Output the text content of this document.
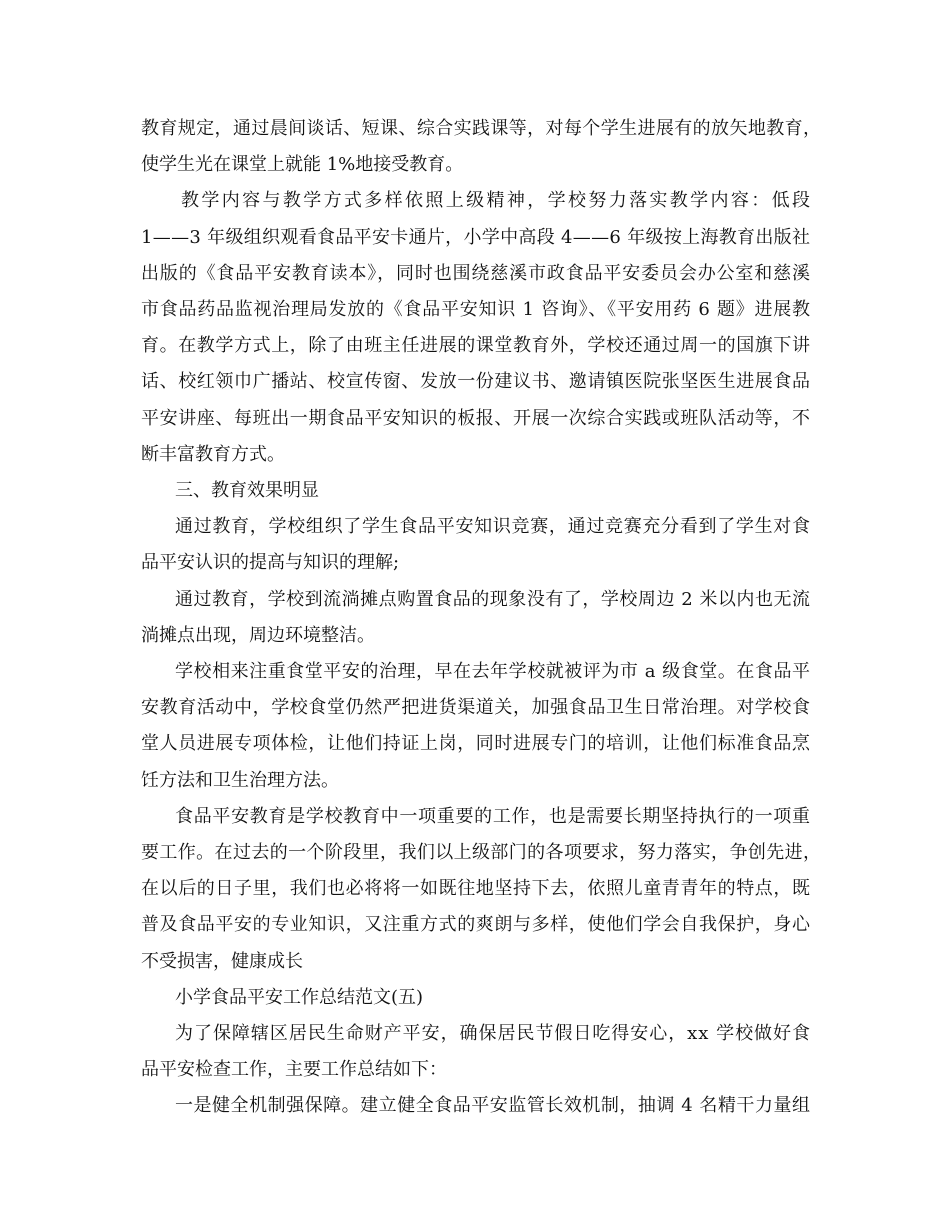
教育规定，通过晨间谈话、短课、综合实践课等，对每个学生进展有的放矢地教育，
使学生光在课堂上就能 1%地接受教育。
教学内容与教学方式多样依照上级精神，学校努力落实教学内容：低段
1——3 年级组织观看食品平安卡通片，小学中高段 4——6 年级按上海教育出版社
出版的《食品平安教育读本》，同时也围绕慈溪市政食品平安委员会办公室和慈溪
市食品药品监视治理局发放的《食品平安知识 1 咨询》、《平安用药 6 题》进展教
育。在教学方式上，除了由班主任进展的课堂教育外，学校还通过周一的国旗下讲
话、校红领巾广播站、校宣传窗、发放一份建议书、邀请镇医院张坚医生进展食品
平安讲座、每班出一期食品平安知识的板报、开展一次综合实践或班队活动等，不
断丰富教育方式。
三、教育效果明显
通过教育，学校组织了学生食品平安知识竞赛，通过竞赛充分看到了学生对食
品平安认识的提高与知识的理解;
通过教育，学校到流淌摊点购置食品的现象没有了，学校周边 2 米以内也无流
淌摊点出现，周边环境整洁。
学校相来注重食堂平安的治理，早在去年学校就被评为市 a 级食堂。在食品平
安教育活动中，学校食堂仍然严把进货渠道关，加强食品卫生日常治理。对学校食
堂人员进展专项体检，让他们持证上岗，同时进展专门的培训，让他们标准食品烹
饪方法和卫生治理方法。
食品平安教育是学校教育中一项重要的工作，也是需要长期坚持执行的一项重
要工作。在过去的一个阶段里，我们以上级部门的各项要求，努力落实，争创先进，
在以后的日子里，我们也必将将一如既往地坚持下去，依照儿童青青年的特点，既
普及食品平安的专业知识，又注重方式的爽朗与多样，使他们学会自我保护，身心
不受损害，健康成长
小学食品平安工作总结范文(五)
为了保障辖区居民生命财产平安，确保居民节假日吃得安心，xx 学校做好食
品平安检查工作，主要工作总结如下：
一是健全机制强保障。建立健全食品平安监管长效机制，抽调 4 名精干力量组
